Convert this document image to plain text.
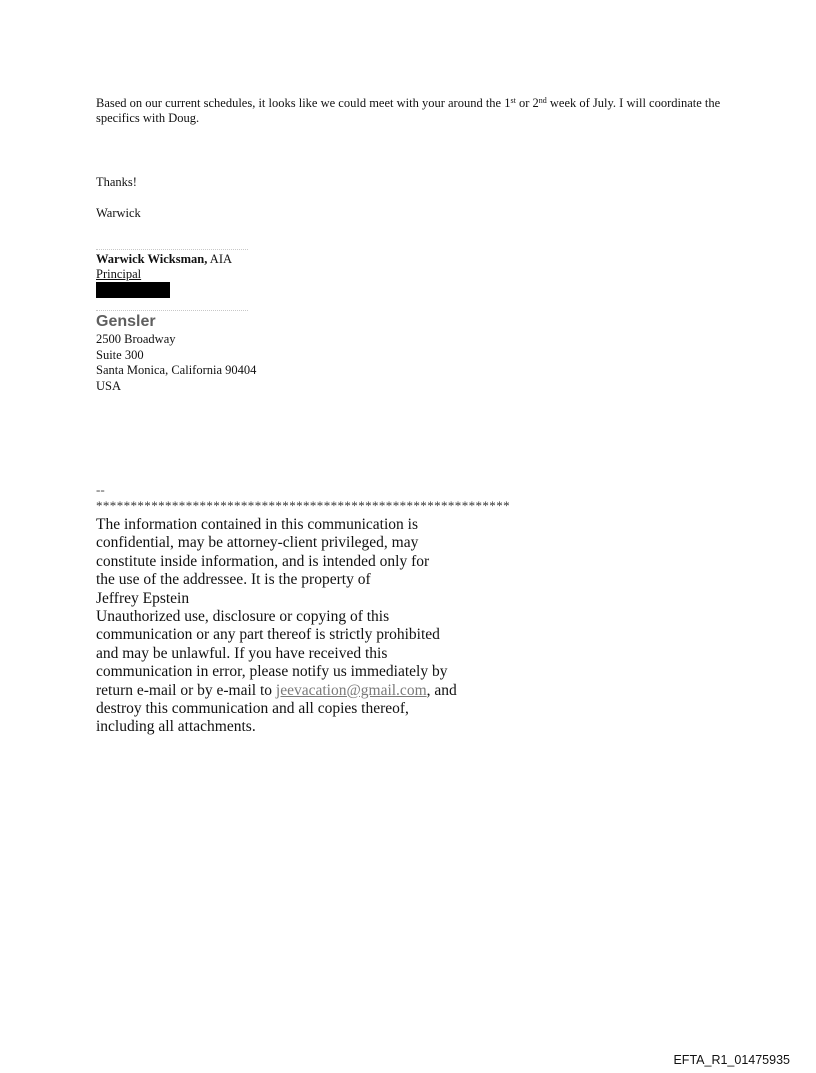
Based on our current schedules, it looks like we could meet with your around the 1st or 2nd week of July. I will coordinate the specifics with Doug.
Thanks!
Warwick
Warwick Wicksman, AIA
Principal
Gensler
2500 Broadway
Suite 300
Santa Monica, California 90404
USA
--
************************************************************
The information contained in this communication is
confidential, may be attorney-client privileged, may
constitute inside information, and is intended only for
the use of the addressee. It is the property of
Jeffrey Epstein
Unauthorized use, disclosure or copying of this
communication or any part thereof is strictly prohibited
and may be unlawful. If you have received this
communication in error, please notify us immediately by
return e-mail or by e-mail to jeevacation@gmail.com, and
destroy this communication and all copies thereof,
including all attachments.
EFTA_R1_01475935
